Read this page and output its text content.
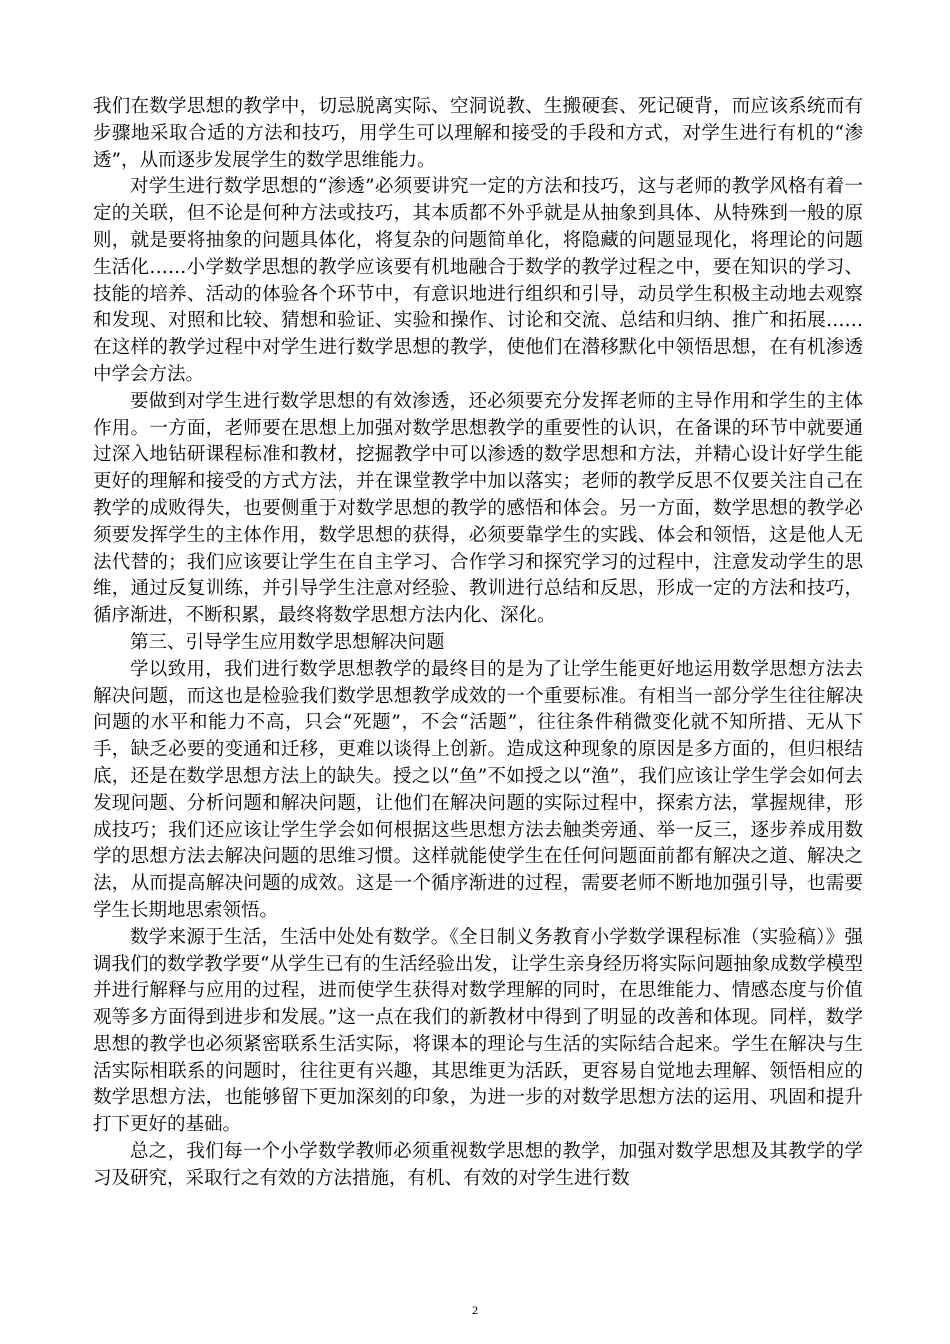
我们在数学思想的教学中，切忌脱离实际、空洞说教、生搬硬套、死记硬背，而应该系统而有步骤地采取合适的方法和技巧，用学生可以理解和接受的手段和方式，对学生进行有机的“渗透”，从而逐步发展学生的数学思维能力。

对学生进行数学思想的“渗透”必须要讲究一定的方法和技巧，这与老师的教学风格有着一定的关联，但不论是何种方法或技巧，其本质都不外乎就是从抽象到具体、从特殊到一般的原则，就是要将抽象的问题具体化，将复杂的问题简单化，将隐藏的问题显现化，将理论的问题生活化……小学数学思想的教学应该要有机地融合于数学的教学过程之中，要在知识的学习、技能的培养、活动的体验各个环节中，有意识地进行组织和引导，动员学生积极主动地去观察和发现、对照和比较、猜想和验证、实验和操作、讨论和交流、总结和归纳、推广和拓展……在这样的教学过程中对学生进行数学思想的教学，使他们在潜移默化中领悟思想，在有机渗透中学会方法。

要做到对学生进行数学思想的有效渗透，还必须要充分发挥老师的主导作用和学生的主体作用。一方面，老师要在思想上加强对数学思想教学的重要性的认识，在备课的环节中就要通过深入地钻研课程标准和教材，挖掘教学中可以渗透的数学思想和方法，并精心设计好学生能更好的理解和接受的方式方法，并在课堂教学中加以落实；老师的教学反思不仅要关注自己在教学的成败得失，也要侧重于对数学思想的教学的感悟和体会。另一方面，数学思想的教学必须要发挥学生的主体作用，数学思想的获得，必须要靠学生的实践、体会和领悟，这是他人无法代替的；我们应该要让学生在自主学习、合作学习和探究学习的过程中，注意发动学生的思维，通过反复训练，并引导学生注意对经验、教训进行总结和反思，形成一定的方法和技巧，循序渐进，不断积累，最终将数学思想方法内化、深化。

第三、引导学生应用数学思想解决问题

学以致用，我们进行数学思想教学的最终目的是为了让学生能更好地运用数学思想方法去解决问题，而这也是检验我们数学思想教学成效的一个重要标准。有相当一部分学生往往解决问题的水平和能力不高，只会“死题”，不会“活题”，往往条件稍微变化就不知所措、无从下手，缺乏必要的变通和迁移，更难以谈得上创新。造成这种现象的原因是多方面的，但归根结底，还是在数学思想方法上的缺失。授之以“鱼”不如授之以“渔”，我们应该让学生学会如何去发现问题、分析问题和解决问题，让他们在解决问题的实际过程中，探索方法，掌握规律，形成技巧；我们还应该让学生学会如何根据这些思想方法去触类旁通、举一反三，逐步养成用数学的思想方法去解决问题的思维习惯。这样就能使学生在任何问题面前都有解决之道、解决之法，从而提高解决问题的成效。这是一个循序渐进的过程，需要老师不断地加强引导，也需要学生长期地思索领悟。

数学来源于生活，生活中处处有数学。《全日制义务教育小学数学课程标准（实验稿）》强调我们的数学教学要“从学生已有的生活经验出发，让学生亲身经历将实际问题抽象成数学模型并进行解释与应用的过程，进而使学生获得对数学理解的同时，在思维能力、情感态度与价值观等多方面得到进步和发展。”这一点在我们的新教材中得到了明显的改善和体现。同样，数学思想的教学也必须紧密联系生活实际，将课本的理论与生活的实际结合起来。学生在解决与生活实际相联系的问题时，往往更有兴趣，其思维更为活跃，更容易自觉地去理解、领悟相应的数学思想方法，也能够留下更加深刻的印象，为进一步的对数学思想方法的运用、巩固和提升打下更好的基础。

总之，我们每一个小学数学教师必须重视数学思想的教学，加强对数学思想及其教学的学习及研究，采取行之有效的方法措施，有机、有效的对学生进行数

2
